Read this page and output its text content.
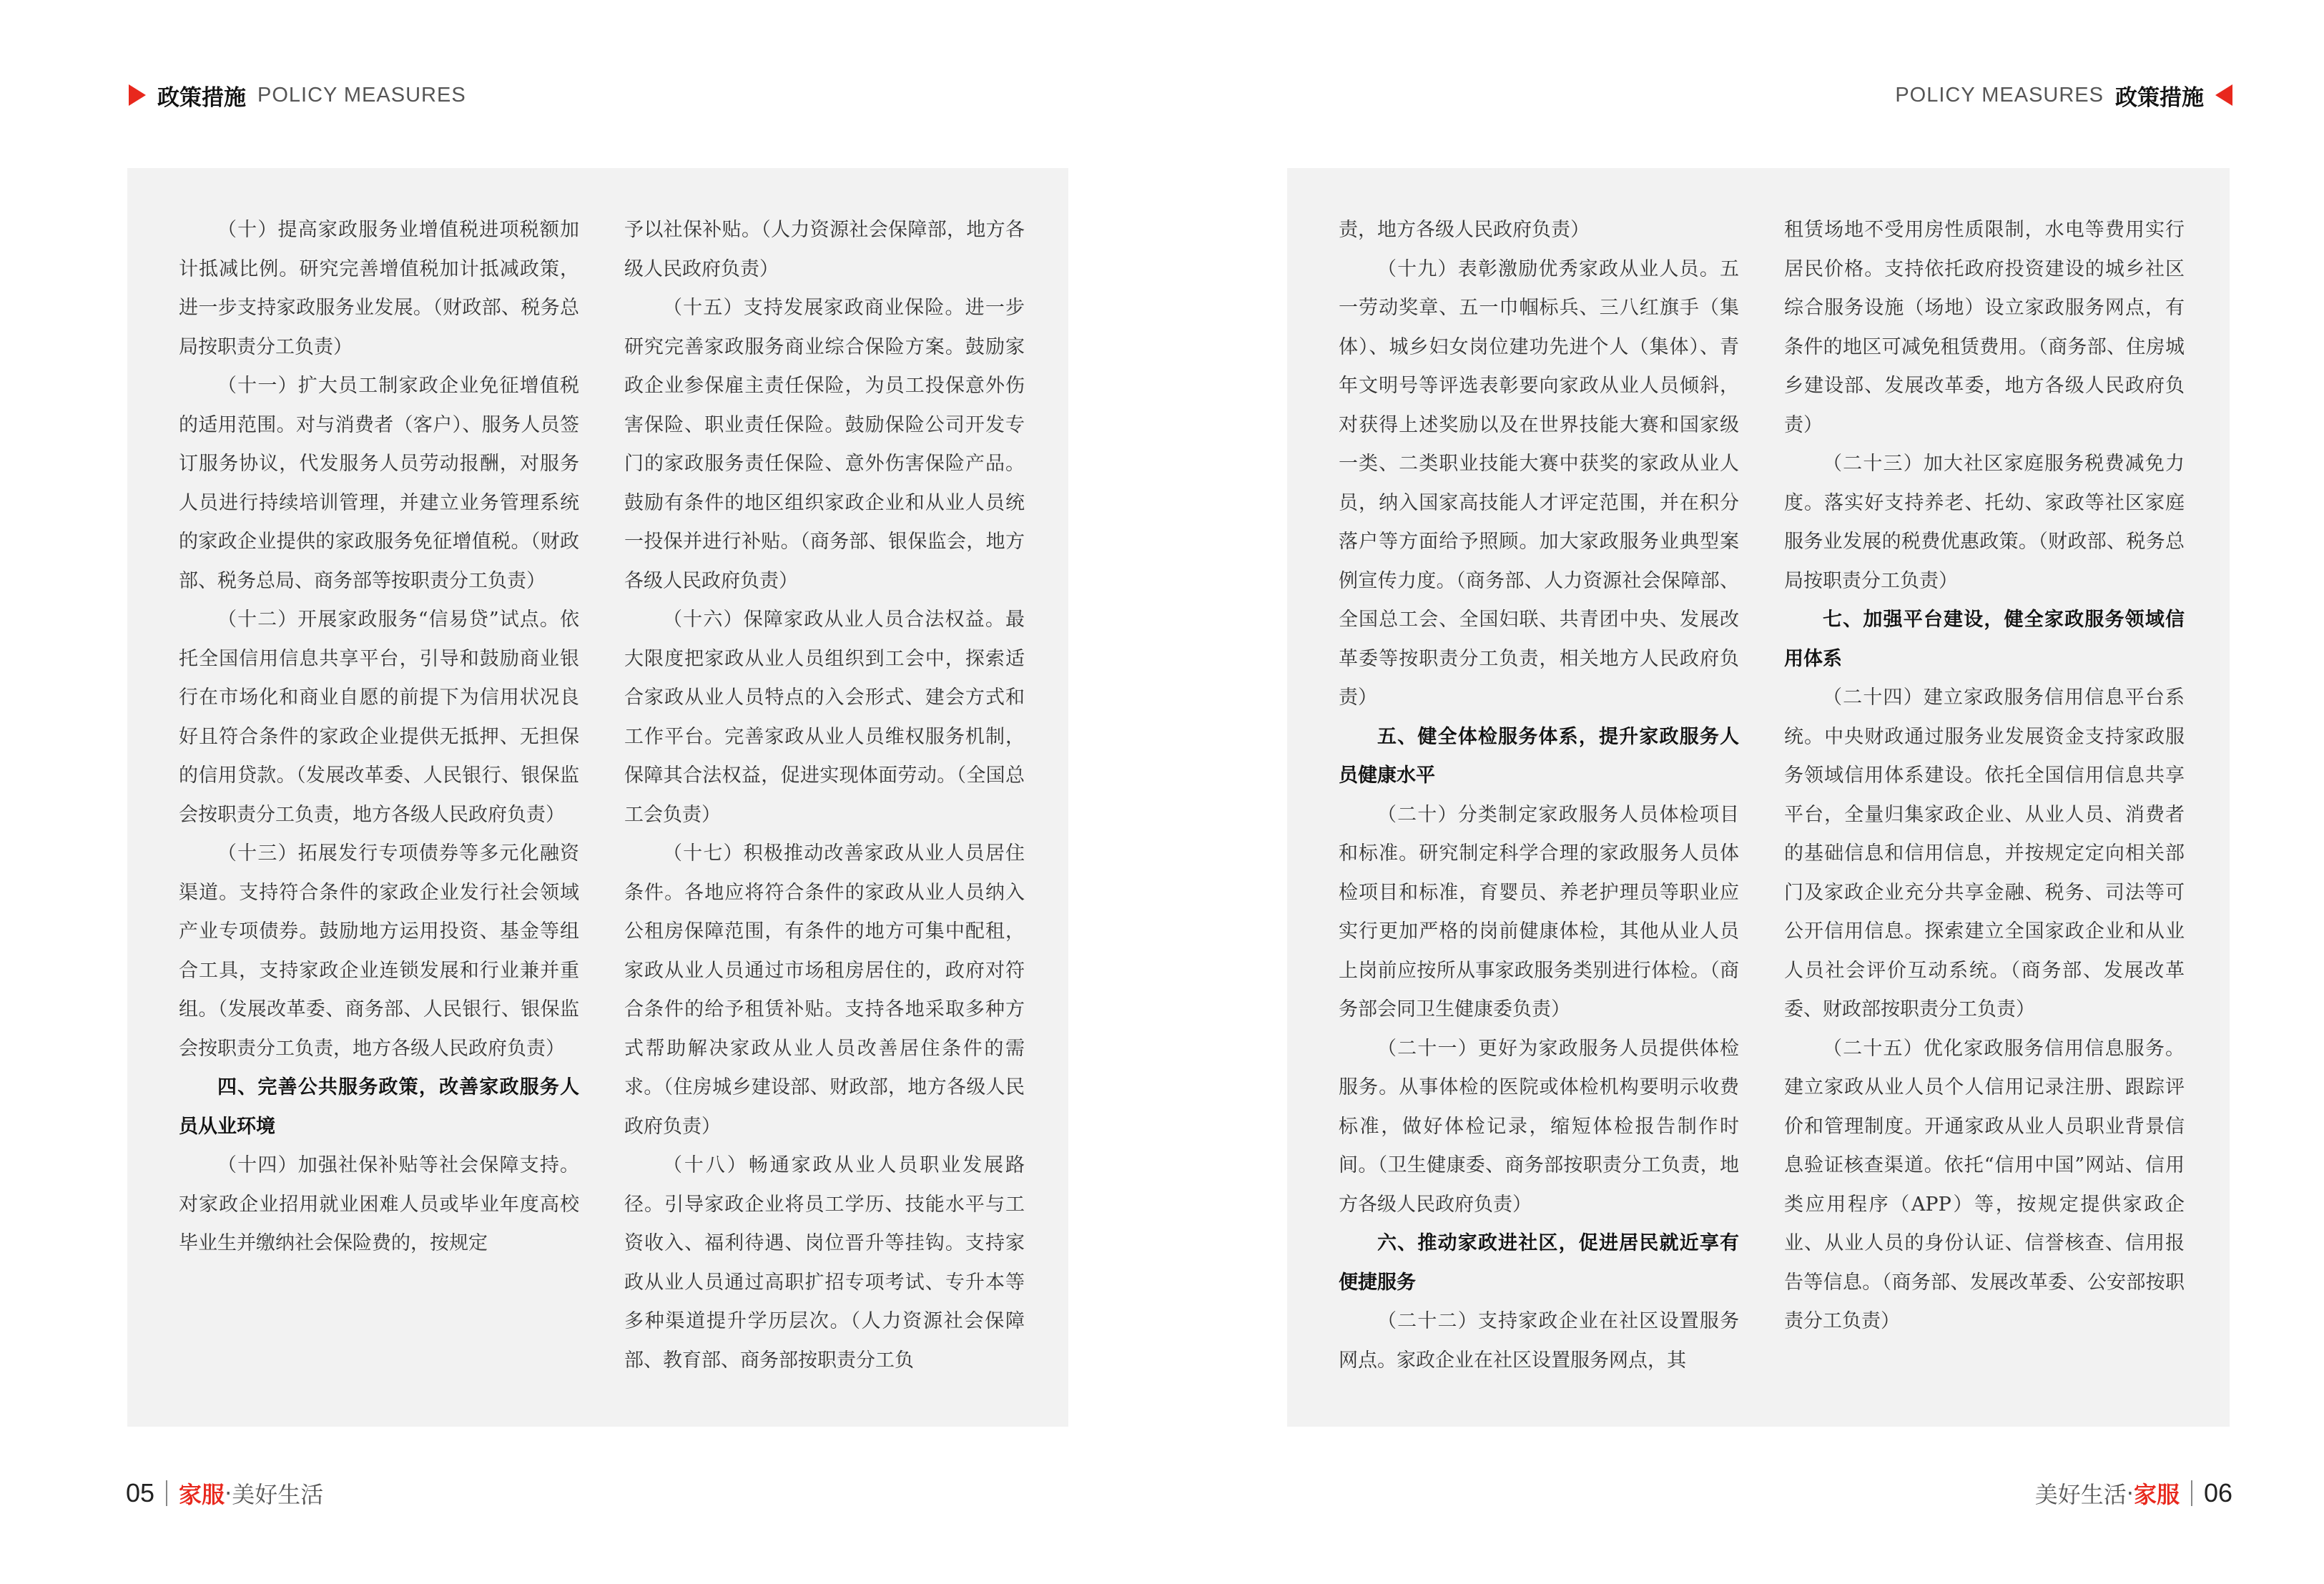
政策措施 POLICY MEASURES	POLICY MEASURES 政策措施

（十）提高家政服务业增值税进项税额加计抵减比例。研究完善增值税加计抵减政策，进一步支持家政服务业发展。（财政部、税务总局按职责分工负责）

（十一）扩大员工制家政企业免征增值税的适用范围。对与消费者（客户）、服务人员签订服务协议，代发服务人员劳动报酬，对服务人员进行持续培训管理，并建立业务管理系统的家政企业提供的家政服务免征增值税。（财政部、税务总局、商务部等按职责分工负责）

（十二）开展家政服务“信易贷”试点。依托全国信用信息共享平台，引导和鼓励商业银行在市场化和商业自愿的前提下为信用状况良好且符合条件的家政企业提供无抵押、无担保的信用贷款。（发展改革委、人民银行、银保监会按职责分工负责，地方各级人民政府负责）

（十三）拓展发行专项债券等多元化融资渠道。支持符合条件的家政企业发行社会领域产业专项债券。鼓励地方运用投资、基金等组合工具，支持家政企业连锁发展和行业兼并重组。（发展改革委、商务部、人民银行、银保监会按职责分工负责，地方各级人民政府负责）

四、完善公共服务政策，改善家政服务人员从业环境

（十四）加强社保补贴等社会保障支持。对家政企业招用就业困难人员或毕业年度高校毕业生并缴纳社会保险费的，按规定

予以社保补贴。（人力资源社会保障部，地方各级人民政府负责）

（十五）支持发展家政商业保险。进一步研究完善家政服务商业综合保险方案。鼓励家政企业参保雇主责任保险，为员工投保意外伤害保险、职业责任保险。鼓励保险公司开发专门的家政服务责任保险、意外伤害保险产品。鼓励有条件的地区组织家政企业和从业人员统一投保并进行补贴。（商务部、银保监会，地方各级人民政府负责）

（十六）保障家政从业人员合法权益。最大限度把家政从业人员组织到工会中，探索适合家政从业人员特点的入会形式、建会方式和工作平台。完善家政从业人员维权服务机制，保障其合法权益，促进实现体面劳动。（全国总工会负责）

（十七）积极推动改善家政从业人员居住条件。各地应将符合条件的家政从业人员纳入公租房保障范围，有条件的地方可集中配租，家政从业人员通过市场租房居住的，政府对符合条件的给予租赁补贴。支持各地采取多种方式帮助解决家政从业人员改善居住条件的需求。（住房城乡建设部、财政部，地方各级人民政府负责）

（十八）畅通家政从业人员职业发展路径。引导家政企业将员工学历、技能水平与工资收入、福利待遇、岗位晋升等挂钩。支持家政从业人员通过高职扩招专项考试、专升本等多种渠道提升学历层次。（人力资源社会保障部、教育部、商务部按职责分工负

责，地方各级人民政府负责）

（十九）表彰激励优秀家政从业人员。五一劳动奖章、五一巾帼标兵、三八红旗手（集体）、城乡妇女岗位建功先进个人（集体）、青年文明号等评选表彰要向家政从业人员倾斜，对获得上述奖励以及在世界技能大赛和国家级一类、二类职业技能大赛中获奖的家政从业人员，纳入国家高技能人才评定范围，并在积分落户等方面给予照顾。加大家政服务业典型案例宣传力度。（商务部、人力资源社会保障部、全国总工会、全国妇联、共青团中央、发展改革委等按职责分工负责，相关地方人民政府负责）

五、健全体检服务体系，提升家政服务人员健康水平

（二十）分类制定家政服务人员体检项目和标准。研究制定科学合理的家政服务人员体检项目和标准，育婴员、养老护理员等职业应实行更加严格的岗前健康体检，其他从业人员上岗前应按所从事家政服务类别进行体检。（商务部会同卫生健康委负责）

（二十一）更好为家政服务人员提供体检服务。从事体检的医院或体检机构要明示收费标准，做好体检记录，缩短体检报告制作时间。（卫生健康委、商务部按职责分工负责，地方各级人民政府负责）

六、推动家政进社区，促进居民就近享有便捷服务

（二十二）支持家政企业在社区设置服务网点。家政企业在社区设置服务网点，其

租赁场地不受用房性质限制，水电等费用实行居民价格。支持依托政府投资建设的城乡社区综合服务设施（场地）设立家政服务网点，有条件的地区可减免租赁费用。（商务部、住房城乡建设部、发展改革委，地方各级人民政府负责）

（二十三）加大社区家庭服务税费减免力度。落实好支持养老、托幼、家政等社区家庭服务业发展的税费优惠政策。（财政部、税务总局按职责分工负责）

七、加强平台建设，健全家政服务领域信用体系

（二十四）建立家政服务信用信息平台系统。中央财政通过服务业发展资金支持家政服务领域信用体系建设。依托全国信用信息共享平台，全量归集家政企业、从业人员、消费者的基础信息和信用信息，并按规定定向相关部门及家政企业充分共享金融、税务、司法等可公开信用信息。探索建立全国家政企业和从业人员社会评价互动系统。（商务部、发展改革委、财政部按职责分工负责）

（二十五）优化家政服务信用信息服务。建立家政从业人员个人信用记录注册、跟踪评价和管理制度。开通家政从业人员职业背景信息验证核查渠道。依托“信用中国”网站、信用类应用程序（APP）等，按规定提供家政企业、从业人员的身份认证、信誉核查、信用报告等信息。（商务部、发展改革委、公安部按职责分工负责）

05 家服 · 美好生活	美好生活 · 家服 06
